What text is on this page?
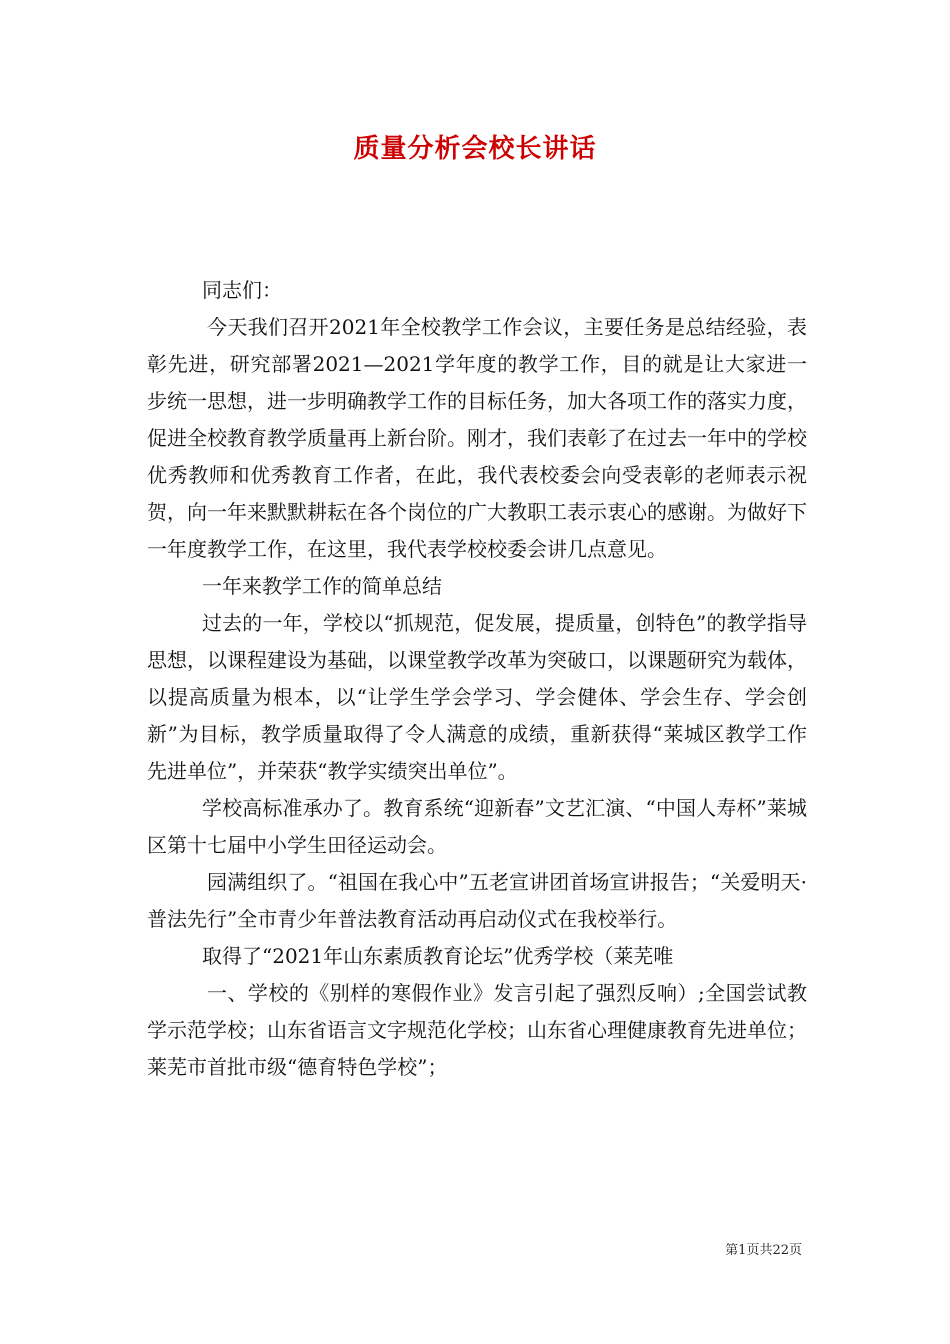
质量分析会校长讲话

同志们：

今天我们召开2021年全校教学工作会议，主要任务是总结经验，表彰先进，研究部署2021—2021学年度的教学工作，目的就是让大家进一步统一思想，进一步明确教学工作的目标任务，加大各项工作的落实力度，促进全校教育教学质量再上新台阶。刚才，我们表彰了在过去一年中的学校优秀教师和优秀教育工作者，在此，我代表校委会向受表彰的老师表示祝贺，向一年来默默耕耘在各个岗位的广大教职工表示衷心的感谢。为做好下一年度教学工作，在这里，我代表学校校委会讲几点意见。

一年来教学工作的简单总结

过去的一年，学校以“抓规范，促发展，提质量，创特色”的教学指导思想，以课程建设为基础，以课堂教学改革为突破口，以课题研究为载体，以提高质量为根本，以“让学生学会学习、学会健体、学会生存、学会创新”为目标，教学质量取得了令人满意的成绩，重新获得“莱城区教学工作先进单位”，并荣获“教学实绩突出单位”。

学校高标准承办了。教育系统“迎新春”文艺汇演、“中国人寿杯”莱城区第十七届中小学生田径运动会。

园满组织了。“祖国在我心中”五老宣讲团首场宣讲报告；“关爱明天·普法先行”全市青少年普法教育活动再启动仪式在我校举行。

取得了“2021年山东素质教育论坛”优秀学校（莱芜唯

一、学校的《别样的寒假作业》发言引起了强烈反响）;全国尝试教学示范学校；山东省语言文字规范化学校；山东省心理健康教育先进单位；莱芜市首批市级“德育特色学校”；

第1页共22页
